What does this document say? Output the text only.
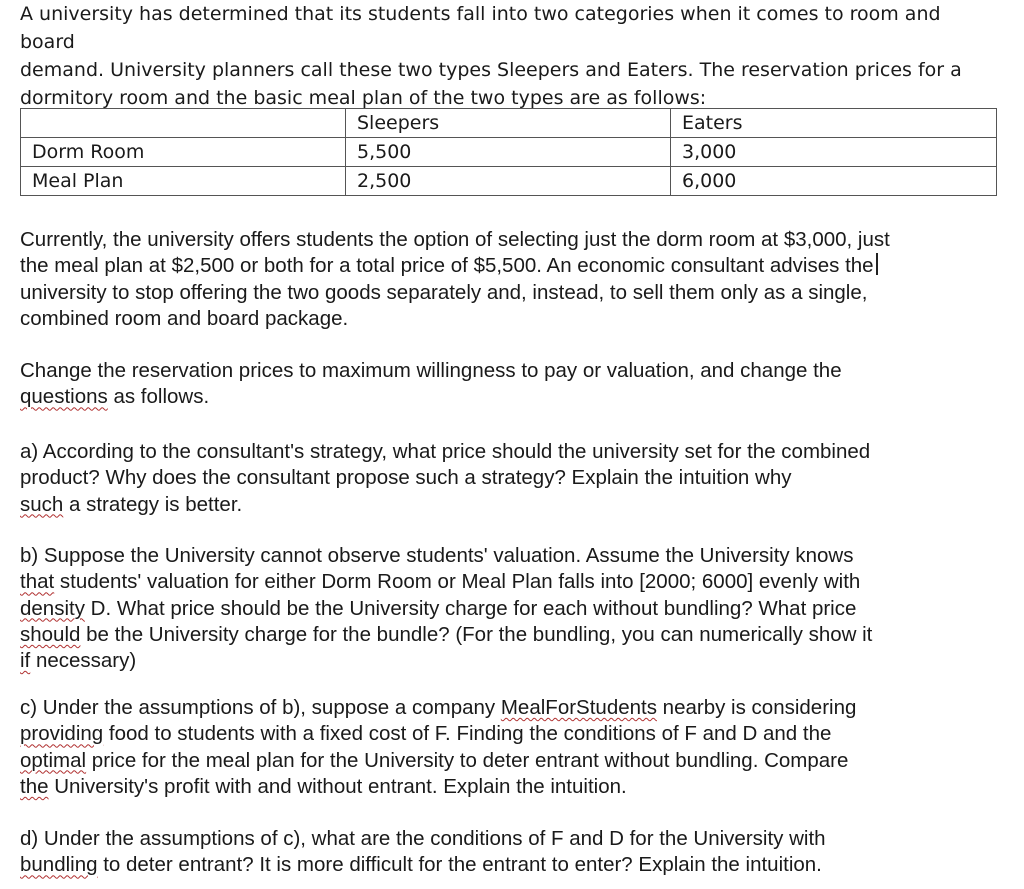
A university has determined that its students fall into two categories when it comes to room and board
demand. University planners call these two types Sleepers and Eaters. The reservation prices for a
dormitory room and the basic meal plan of the two types are as follows:
	Sleepers	Eaters
Dorm Room	5,500	3,000
Meal Plan	2,500	6,000
Currently, the university offers students the option of selecting just the dorm room at $3,000, just
the meal plan at $2,500 or both for a total price of $5,500. An economic consultant advises the
university to stop offering the two goods separately and, instead, to sell them only as a single,
combined room and board package.
Change the reservation prices to maximum willingness to pay or valuation, and change the
questions as follows.
a) According to the consultant's strategy, what price should the university set for the combined
product? Why does the consultant propose such a strategy? Explain the intuition why
such a strategy is better.
b) Suppose the University cannot observe students' valuation. Assume the University knows
that students' valuation for either Dorm Room or Meal Plan falls into [2000; 6000] evenly with
density D. What price should be the University charge for each without bundling? What price
should be the University charge for the bundle? (For the bundling, you can numerically show it
if necessary)
c) Under the assumptions of b), suppose a company MealForStudents nearby is considering
providing food to students with a fixed cost of F. Finding the conditions of F and D and the
optimal price for the meal plan for the University to deter entrant without bundling. Compare
the University's profit with and without entrant. Explain the intuition.
d) Under the assumptions of c), what are the conditions of F and D for the University with
bundling to deter entrant? It is more difficult for the entrant to enter? Explain the intuition.
